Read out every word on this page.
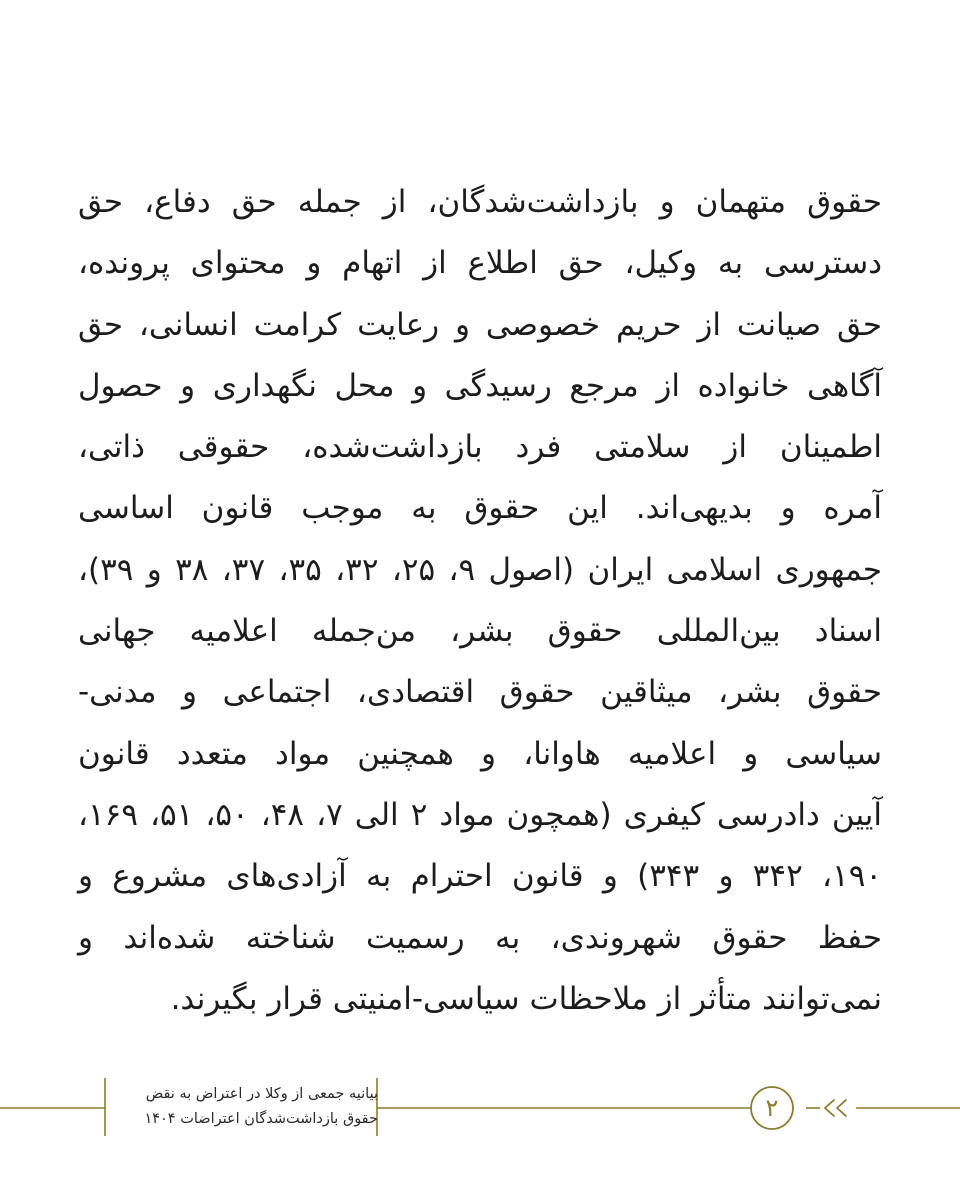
حقوق متهمان و بازداشت‌شدگان، از جمله حق دفاع، حق
دسترسی به وکیل، حق اطلاع از اتهام و محتوای پرونده،
حق صیانت از حریم خصوصی و رعایت کرامت انسانی، حق
آگاهی خانواده از مرجع رسیدگی و محل نگهداری و حصول
اطمینان از سلامتی فرد بازداشت‌شده، حقوقی ذاتی،
آمره و بدیهی‌اند. این حقوق به موجب قانون اساسی
جمهوری اسلامی ایران (اصول ۹، ۲۵، ۳۲، ۳۵، ۳۷، ۳۸ و ۳۹)،
اسناد بین‌المللی حقوق بشر، من‌جمله اعلامیه جهانی
حقوق بشر، میثاقین حقوق اقتصادی، اجتماعی و مدنی-
سیاسی و اعلامیه هاوانا، و همچنین مواد متعدد قانون
آیین دادرسی کیفری (همچون مواد ۲ الی ۷، ۴۸، ۵۰، ۵۱، ۱۶۹،
۱۹۰، ۳۴۲ و ۳۴۳) و قانون احترام به آزادی‌های مشروع و
حفظ حقوق شهروندی، به رسمیت شناخته شده‌اند و
نمی‌توانند متأثر از ملاحظات سیاسی-امنیتی قرار بگیرند.
بیانیه جمعی از وکلا در اعتراض به نقض
حقوق بازداشت‌شدگان اعتراضات ۱۴۰۴	۲
